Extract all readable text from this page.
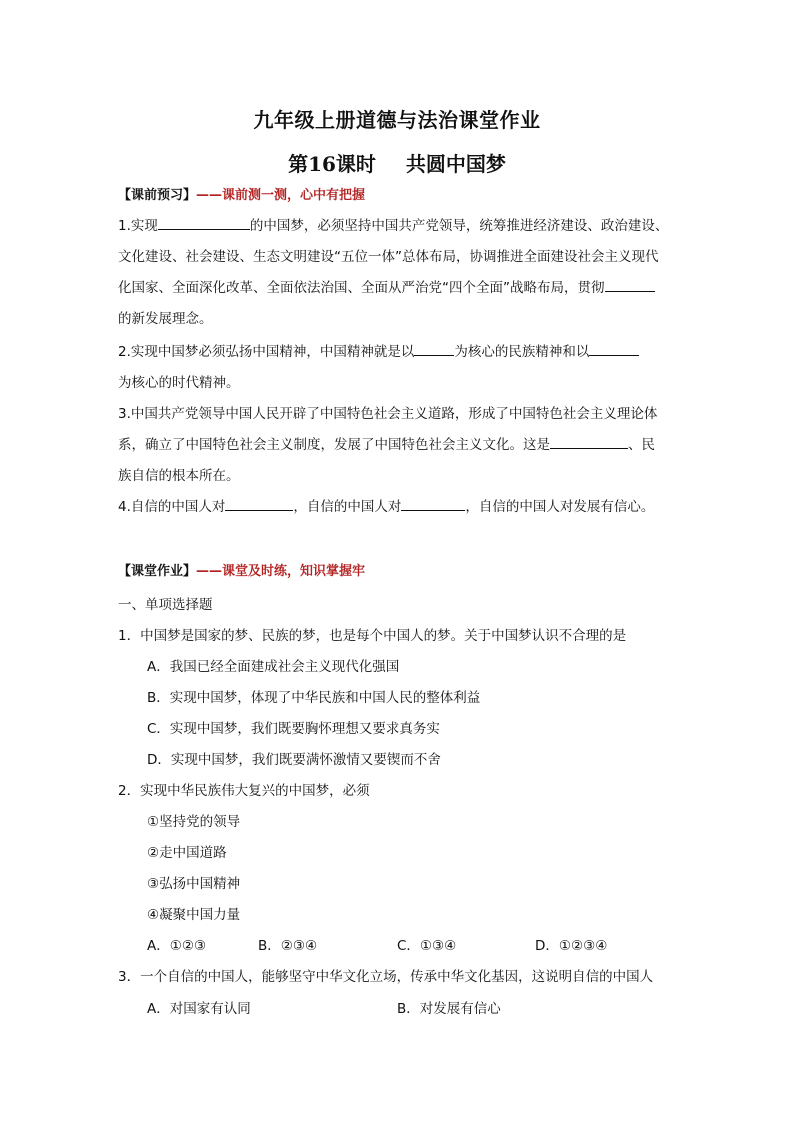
九年级上册道德与法治课堂作业
第16课时 共圆中国梦
【课前预习】——课前测一测，心中有把握
1.实现	的中国梦，必须坚持中国共产党领导，统筹推进经济建设、政治建设、
文化建设、社会建设、生态文明建设“五位一体”总体布局，协调推进全面建设社会主义现代
化国家、全面深化改革、全面依法治国、全面从严治党“四个全面”战略布局，贯彻
的新发展理念。
2.实现中国梦必须弘扬中国精神，中国精神就是以	为核心的民族精神和以
为核心的时代精神。
3.中国共产党领导中国人民开辟了中国特色社会主义道路，形成了中国特色社会主义理论体
系，确立了中国特色社会主义制度，发展了中国特色社会主义文化。这是	、民
族自信的根本所在。
4.自信的中国人对	，自信的中国人对	，自信的中国人对发展有信心。
【课堂作业】——课堂及时练，知识掌握牢
一、单项选择题
1．中国梦是国家的梦、民族的梦，也是每个中国人的梦。关于中国梦认识不合理的是
A．我国已经全面建成社会主义现代化强国
B．实现中国梦，体现了中华民族和中国人民的整体利益
C．实现中国梦，我们既要胸怀理想又要求真务实
D．实现中国梦，我们既要满怀激情又要锲而不舍
2．实现中华民族伟大复兴的中国梦，必须
①坚持党的领导
②走中国道路
③弘扬中国精神
④凝聚中国力量
A．①②③	B．②③④	C．①③④	D．①②③④
3．一个自信的中国人，能够坚守中华文化立场，传承中华文化基因，这说明自信的中国人
A．对国家有认同	B．对发展有信心
